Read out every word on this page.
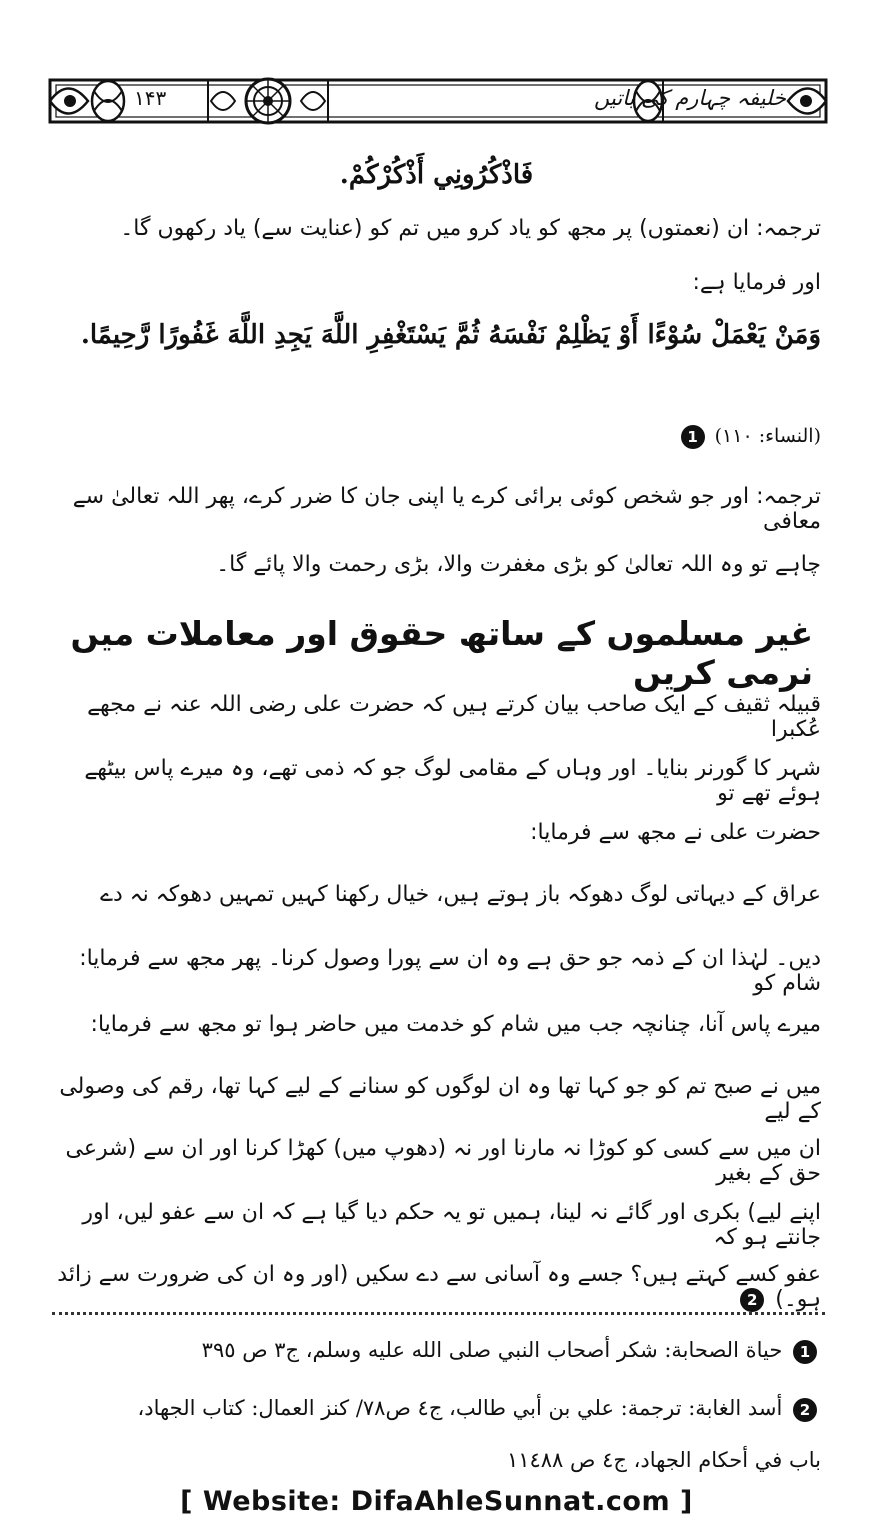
۱۴۳	خلیفہ چہارم کی باتیں
فَاذْكُرُونِي أَذْكُرْكُمْ.
ترجمہ: ان (نعمتوں) پر مجھ کو یاد کرو میں تم کو (عنایت سے) یاد رکھوں گا۔
اور فرمایا ہے:
وَمَنْ يَعْمَلْ سُوْءًا أَوْ يَظْلِمْ نَفْسَهُ ثُمَّ يَسْتَغْفِرِ اللَّهَ يَجِدِ اللَّهَ غَفُورًا رَّحِيمًا.
(النساء: ١١٠) 1
ترجمہ: اور جو شخص کوئی برائی کرے یا اپنی جان کا ضرر کرے، پھر اللہ تعالیٰ سے معافی
چاہے تو وہ اللہ تعالیٰ کو بڑی مغفرت والا، بڑی رحمت والا پائے گا۔
غیر مسلموں کے ساتھ حقوق اور معاملات میں نرمی کریں
قبیلہ ثقیف کے ایک صاحب بیان کرتے ہیں کہ حضرت علی رضی اللہ عنہ نے مجھے عُکبرا
شہر کا گورنر بنایا۔ اور وہاں کے مقامی لوگ جو کہ ذمی تھے، وہ میرے پاس بیٹھے ہوئے تھے تو
حضرت علی نے مجھ سے فرمایا:
عراق کے دیہاتی لوگ دھوکہ باز ہوتے ہیں، خیال رکھنا کہیں تمہیں دھوکہ نہ دے
دیں۔ لہٰذا ان کے ذمہ جو حق ہے وہ ان سے پورا وصول کرنا۔ پھر مجھ سے فرمایا: شام کو
میرے پاس آنا، چنانچہ جب میں شام کو خدمت میں حاضر ہوا تو مجھ سے فرمایا:
میں نے صبح تم کو جو کہا تھا وہ ان لوگوں کو سنانے کے لیے کہا تھا، رقم کی وصولی کے لیے
ان میں سے کسی کو کوڑا نہ مارنا اور نہ (دھوپ میں) کھڑا کرنا اور ان سے (شرعی حق کے بغیر
اپنے لیے) بکری اور گائے نہ لینا، ہمیں تو یہ حکم دیا گیا ہے کہ ان سے عفو لیں، اور جانتے ہو کہ
عفو کسے کہتے ہیں؟ جسے وہ آسانی سے دے سکیں (اور وہ ان کی ضرورت سے زائد ہو۔) 2
1 حياة الصحابة: شكر أصحاب النبي صلى الله عليه وسلم، ج٣ ص ٣٩٥
2 أسد الغابة: ترجمة: علي بن أبي طالب، ج٤ ص٧٨/ كنز العمال: كتاب الجهاد،
باب في أحكام الجهاد، ج٤ ص ١١٤٨٨
[ Website: DifaAhleSunnat.com ]
